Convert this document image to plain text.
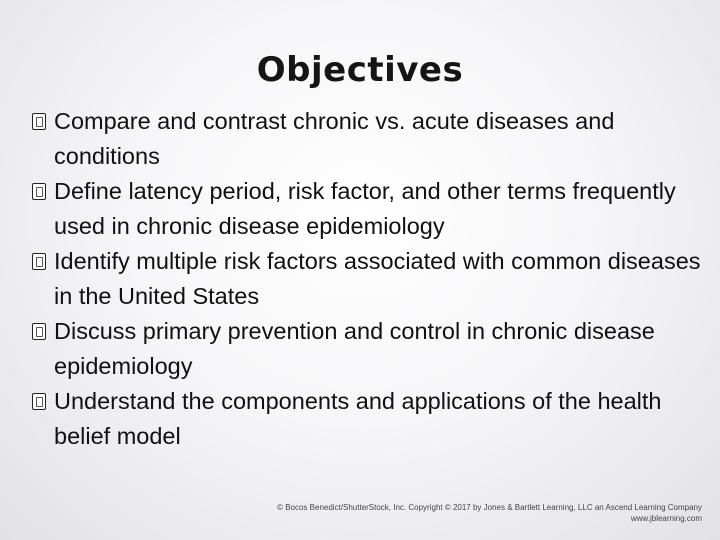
Objectives
Compare and contrast chronic vs. acute diseases and conditions
Define latency period, risk factor, and other terms frequently used in chronic disease epidemiology
Identify multiple risk factors associated with common diseases in the United States
Discuss primary prevention and control in chronic disease epidemiology
Understand the components and applications of the health belief model
© Bocos Benedict/ShutterStock, Inc. Copyright © 2017 by Jones & Bartlett Learning, LLC an Ascend Learning Company
www.jblearning.com
